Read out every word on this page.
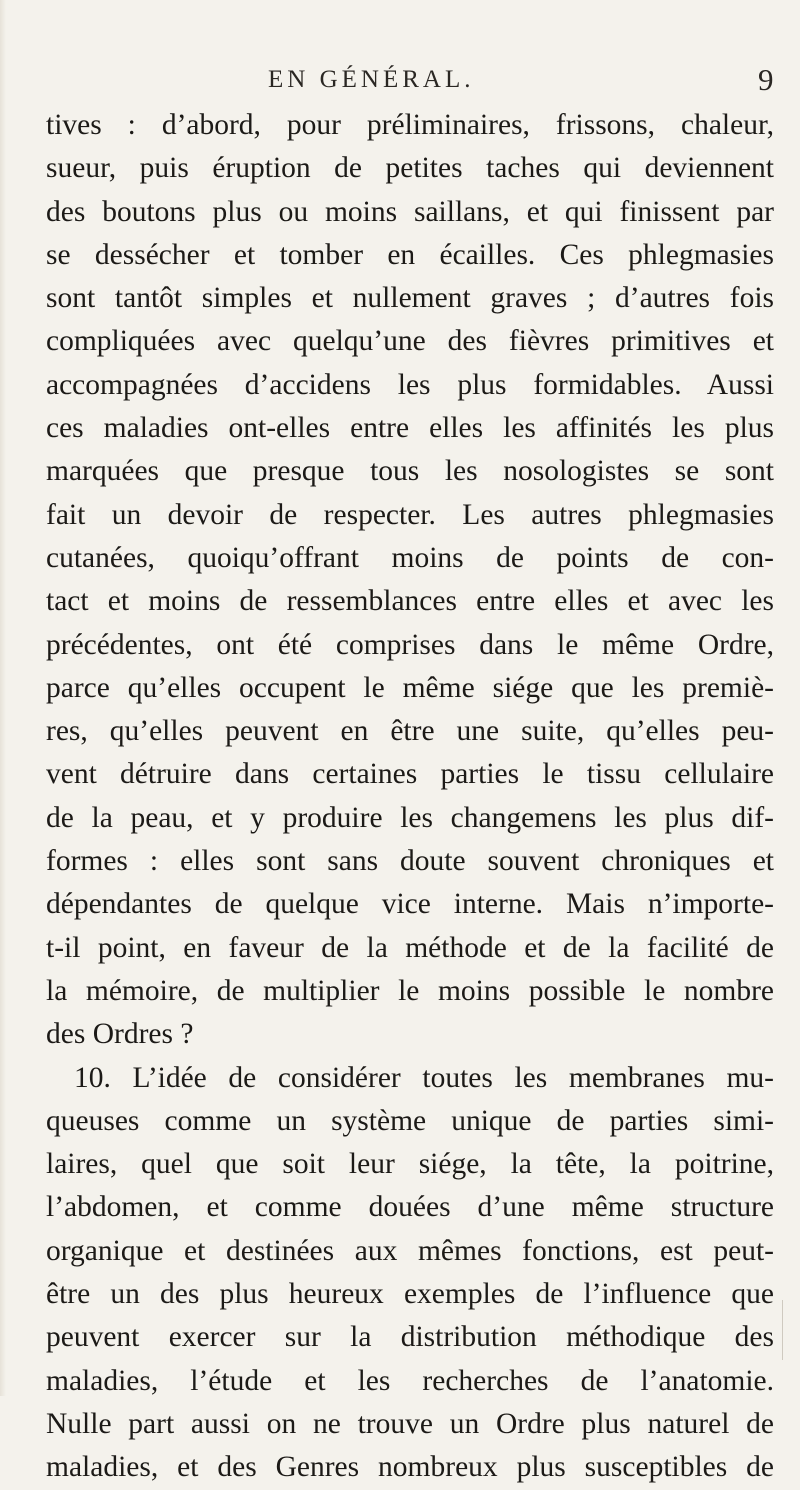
EN GÉNÉRAL.	9
tives : d’abord, pour préliminaires, frissons, chaleur,
sueur, puis éruption de petites taches qui deviennent
des boutons plus ou moins saillans, et qui finissent par
se dessécher et tomber en écailles. Ces phlegmasies
sont tantôt simples et nullement graves ; d’autres fois
compliquées avec quelqu’une des fièvres primitives et
accompagnées d’accidens les plus formidables. Aussi
ces maladies ont-elles entre elles les affinités les plus
marquées que presque tous les nosologistes se sont
fait un devoir de respecter. Les autres phlegmasies
cutanées, quoiqu’offrant moins de points de con-
tact et moins de ressemblances entre elles et avec les
précédentes, ont été comprises dans le même Ordre,
parce qu’elles occupent le même siége que les premiè-
res, qu’elles peuvent en être une suite, qu’elles peu-
vent détruire dans certaines parties le tissu cellulaire
de la peau, et y produire les changemens les plus dif-
formes : elles sont sans doute souvent chroniques et
dépendantes de quelque vice interne. Mais n’importe-
t-il point, en faveur de la méthode et de la facilité de
la mémoire, de multiplier le moins possible le nombre
des Ordres ?
10. L’idée de considérer toutes les membranes mu-
queuses comme un système unique de parties simi-
laires, quel que soit leur siége, la tête, la poitrine,
l’abdomen, et comme douées d’une même structure
organique et destinées aux mêmes fonctions, est peut-
être un des plus heureux exemples de l’influence que
peuvent exercer sur la distribution méthodique des
maladies, l’étude et les recherches de l’anatomie.
Nulle part aussi on ne trouve un Ordre plus naturel de
maladies, et des Genres nombreux plus susceptibles de
